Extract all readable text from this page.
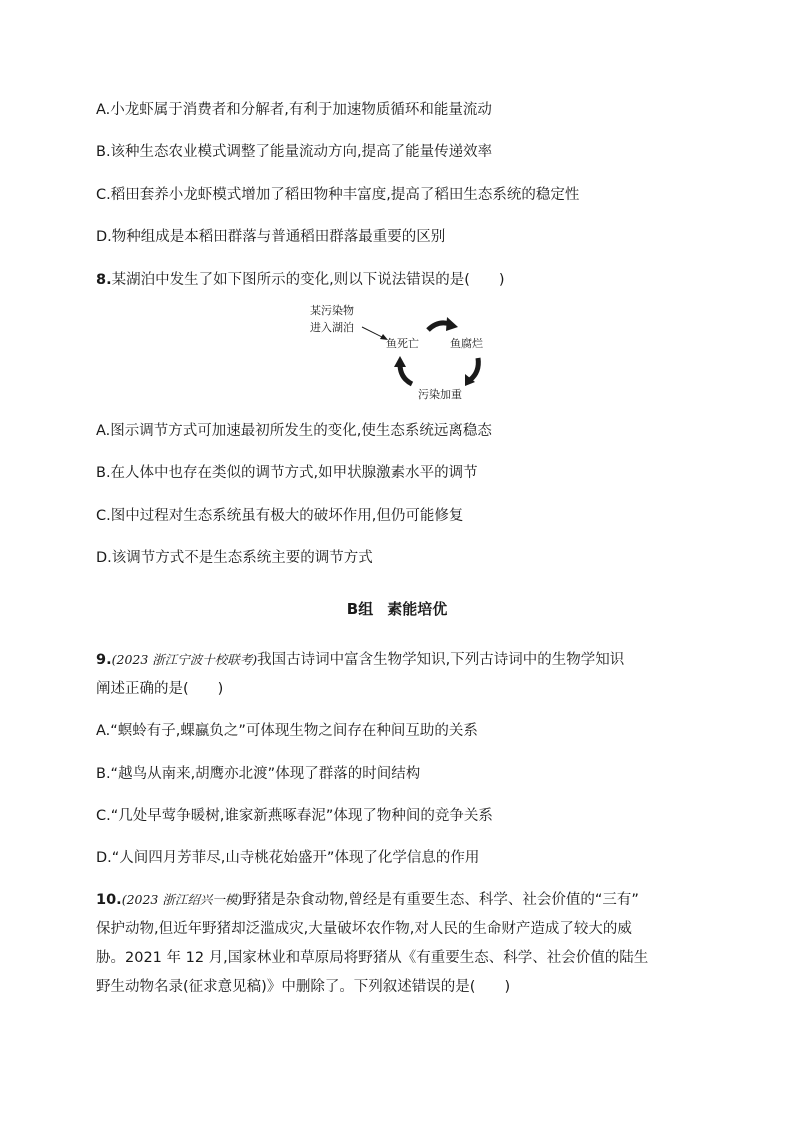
A.小龙虾属于消费者和分解者,有利于加速物质循环和能量流动
B.该种生态农业模式调整了能量流动方向,提高了能量传递效率
C.稻田套养小龙虾模式增加了稻田物种丰富度,提高了稻田生态系统的稳定性
D.物种组成是本稻田群落与普通稻田群落最重要的区别
8.某湖泊中发生了如下图所示的变化,则以下说法错误的是(　　)
某污染物
进入湖泊
鱼死亡	鱼腐烂
污染加重
A.图示调节方式可加速最初所发生的变化,使生态系统远离稳态
B.在人体中也存在类似的调节方式,如甲状腺激素水平的调节
C.图中过程对生态系统虽有极大的破坏作用,但仍可能修复
D.该调节方式不是生态系统主要的调节方式
B组 素能培优
9.(2023 浙江宁波十校联考)我国古诗词中富含生物学知识,下列古诗词中的生物学知识
阐述正确的是(　　)
A.“螟蛉有子,蜾蠃负之”可体现生物之间存在种间互助的关系
B.“越鸟从南来,胡鹰亦北渡”体现了群落的时间结构
C.“几处早莺争暖树,谁家新燕啄春泥”体现了物种间的竞争关系
D.“人间四月芳菲尽,山寺桃花始盛开”体现了化学信息的作用
10.(2023 浙江绍兴一模)野猪是杂食动物,曾经是有重要生态、科学、社会价值的“三有”
保护动物,但近年野猪却泛滥成灾,大量破坏农作物,对人民的生命财产造成了较大的威
胁。2021 年 12 月,国家林业和草原局将野猪从《有重要生态、科学、社会价值的陆生
野生动物名录(征求意见稿)》中删除了。下列叙述错误的是(　　)
